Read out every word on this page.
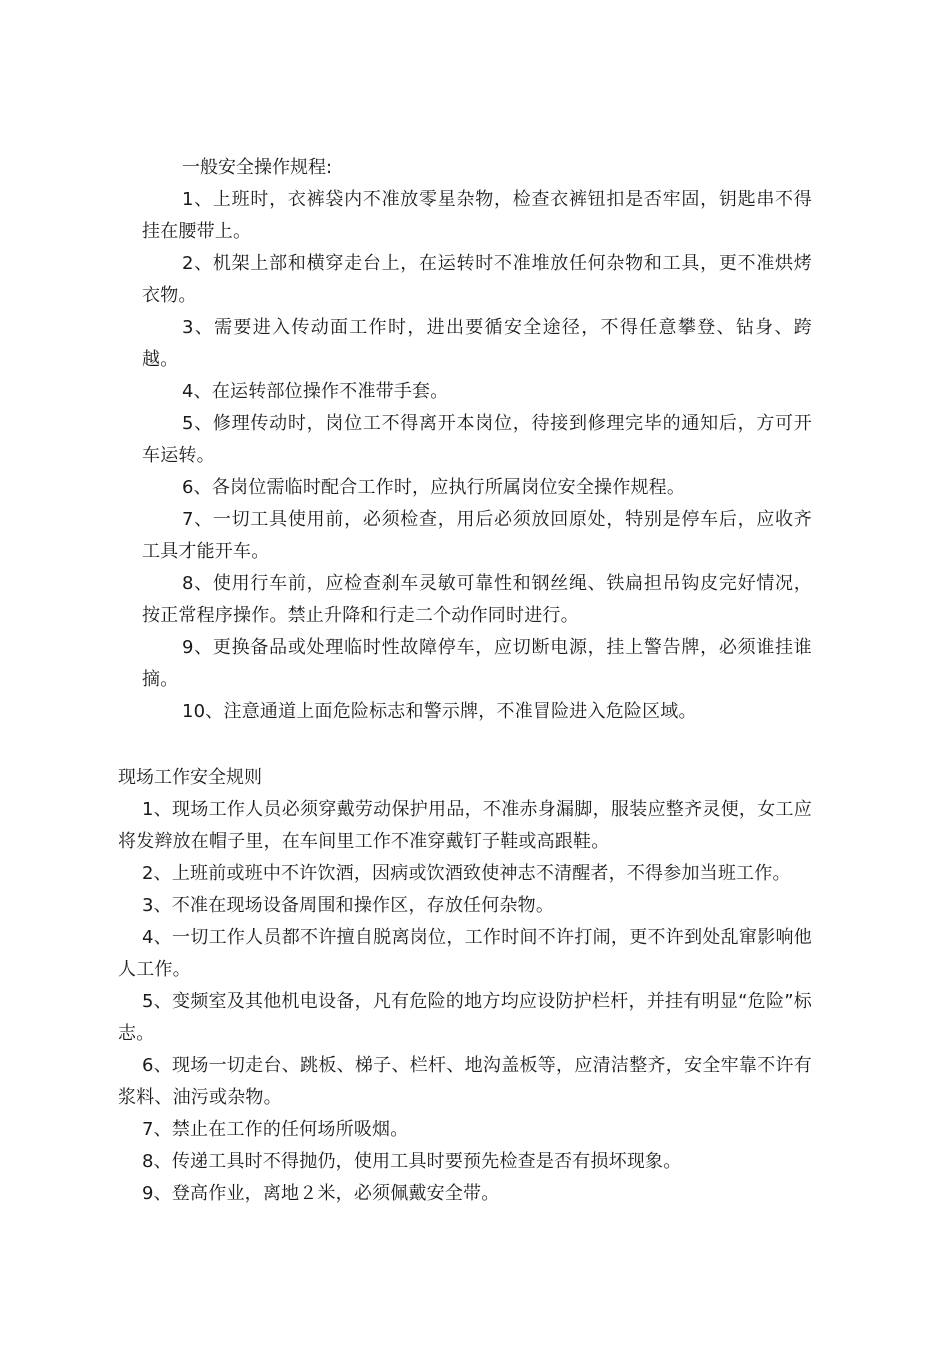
一般安全操作规程:

1、上班时，衣裤袋内不准放零星杂物，检查衣裤钮扣是否牢固，钥匙串不得挂在腰带上。

2、机架上部和横穿走台上，在运转时不准堆放任何杂物和工具，更不准烘烤衣物。

3、需要进入传动面工作时，进出要循安全途径，不得任意攀登、钻身、跨越。

4、在运转部位操作不准带手套。

5、修理传动时，岗位工不得离开本岗位，待接到修理完毕的通知后，方可开车运转。

6、各岗位需临时配合工作时，应执行所属岗位安全操作规程。

7、一切工具使用前，必须检查，用后必须放回原处，特别是停车后，应收齐工具才能开车。

8、使用行车前，应检查刹车灵敏可靠性和钢丝绳、铁扁担吊钩皮完好情况，按正常程序操作。禁止升降和行走二个动作同时进行。

9、更换备品或处理临时性故障停车，应切断电源，挂上警告牌，必须谁挂谁摘。

10、注意通道上面危险标志和警示牌，不准冒险进入危险区域。

现场工作安全规则

1、现场工作人员必须穿戴劳动保护用品，不准赤身漏脚，服装应整齐灵便，女工应将发辫放在帽子里，在车间里工作不准穿戴钉子鞋或高跟鞋。

2、上班前或班中不许饮酒，因病或饮酒致使神志不清醒者，不得参加当班工作。

3、不准在现场设备周围和操作区，存放任何杂物。

4、一切工作人员都不许擅自脱离岗位，工作时间不许打闹，更不许到处乱窜影响他人工作。

5、变频室及其他机电设备，凡有危险的地方均应设防护栏杆，并挂有明显“危险”标志。

6、现场一切走台、跳板、梯子、栏杆、地沟盖板等，应清洁整齐，安全牢靠不许有浆料、油污或杂物。

7、禁止在工作的任何场所吸烟。

8、传递工具时不得抛仍，使用工具时要预先检查是否有损坏现象。

9、登高作业，离地２米，必须佩戴安全带。
